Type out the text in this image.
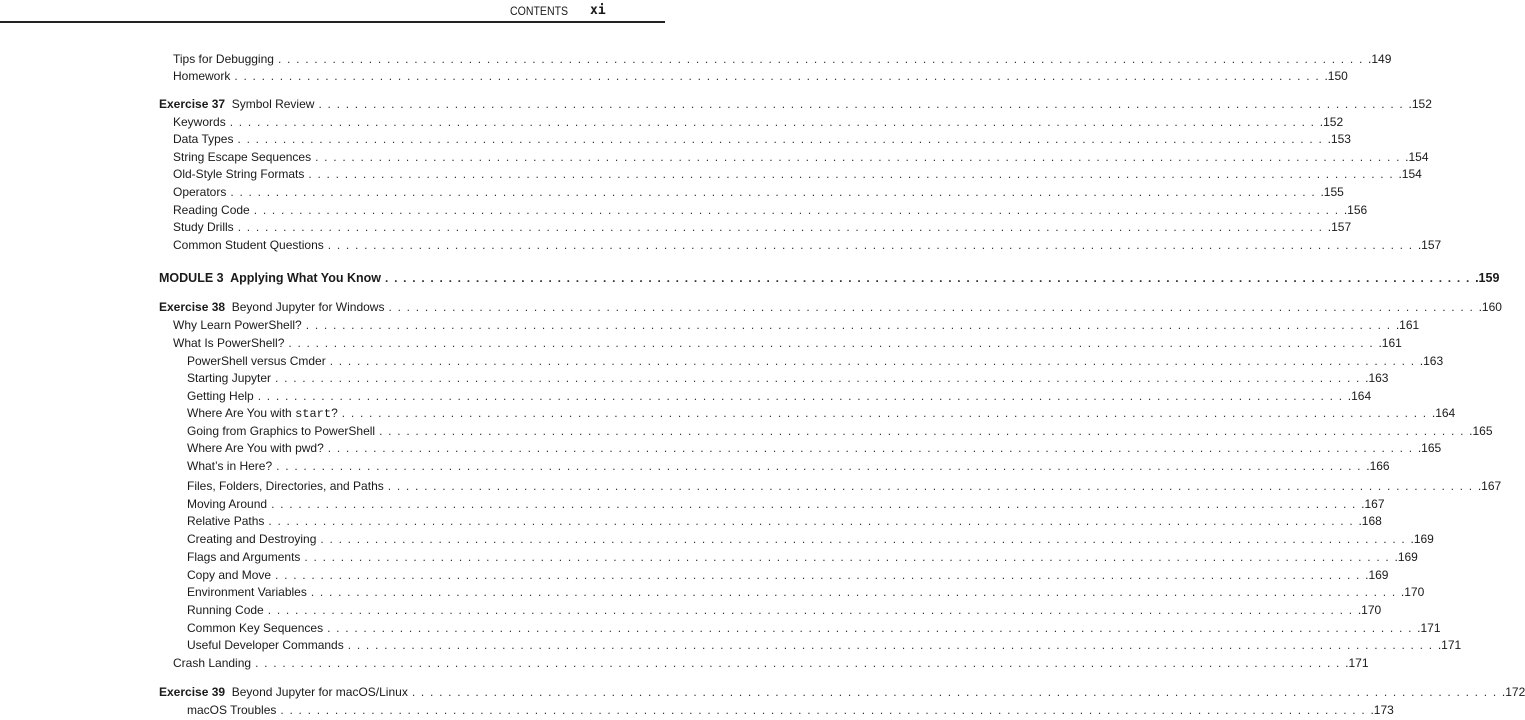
CONTENTS xi
Tips for Debugging ........................................................................................................................ .149
Homework ........................................................................................................................ .150
Exercise 37 Symbol Review ........................................................................................................................ .152
Keywords ........................................................................................................................ .152
Data Types ........................................................................................................................ .153
String Escape Sequences ........................................................................................................................ .154
Old-Style String Formats ........................................................................................................................ .154
Operators ........................................................................................................................ .155
Reading Code ........................................................................................................................ .156
Study Drills ........................................................................................................................ .157
Common Student Questions ........................................................................................................................ .157
MODULE 3  Applying What You Know ........................................................................................................................ .159
Exercise 38 Beyond Jupyter for Windows ........................................................................................................................ .160
Why Learn PowerShell? ........................................................................................................................ .161
What Is PowerShell? ........................................................................................................................ .161
PowerShell versus Cmder ........................................................................................................................ .163
Starting Jupyter ........................................................................................................................ .163
Getting Help ........................................................................................................................ .164
Where Are You with start? ........................................................................................................................ .164
Going from Graphics to PowerShell ........................................................................................................................ .165
Where Are You with pwd? ........................................................................................................................ .165
What’s in Here? ........................................................................................................................ .166
Files, Folders, Directories, and Paths ........................................................................................................................ .167
Moving Around ........................................................................................................................ .167
Relative Paths ........................................................................................................................ .168
Creating and Destroying ........................................................................................................................ .169
Flags and Arguments ........................................................................................................................ .169
Copy and Move ........................................................................................................................ .169
Environment Variables ........................................................................................................................ .170
Running Code ........................................................................................................................ .170
Common Key Sequences ........................................................................................................................ .171
Useful Developer Commands ........................................................................................................................ .171
Crash Landing ........................................................................................................................ .171
Exercise 39 Beyond Jupyter for macOS/Linux ........................................................................................................................ .172
macOS Troubles ........................................................................................................................ .173
